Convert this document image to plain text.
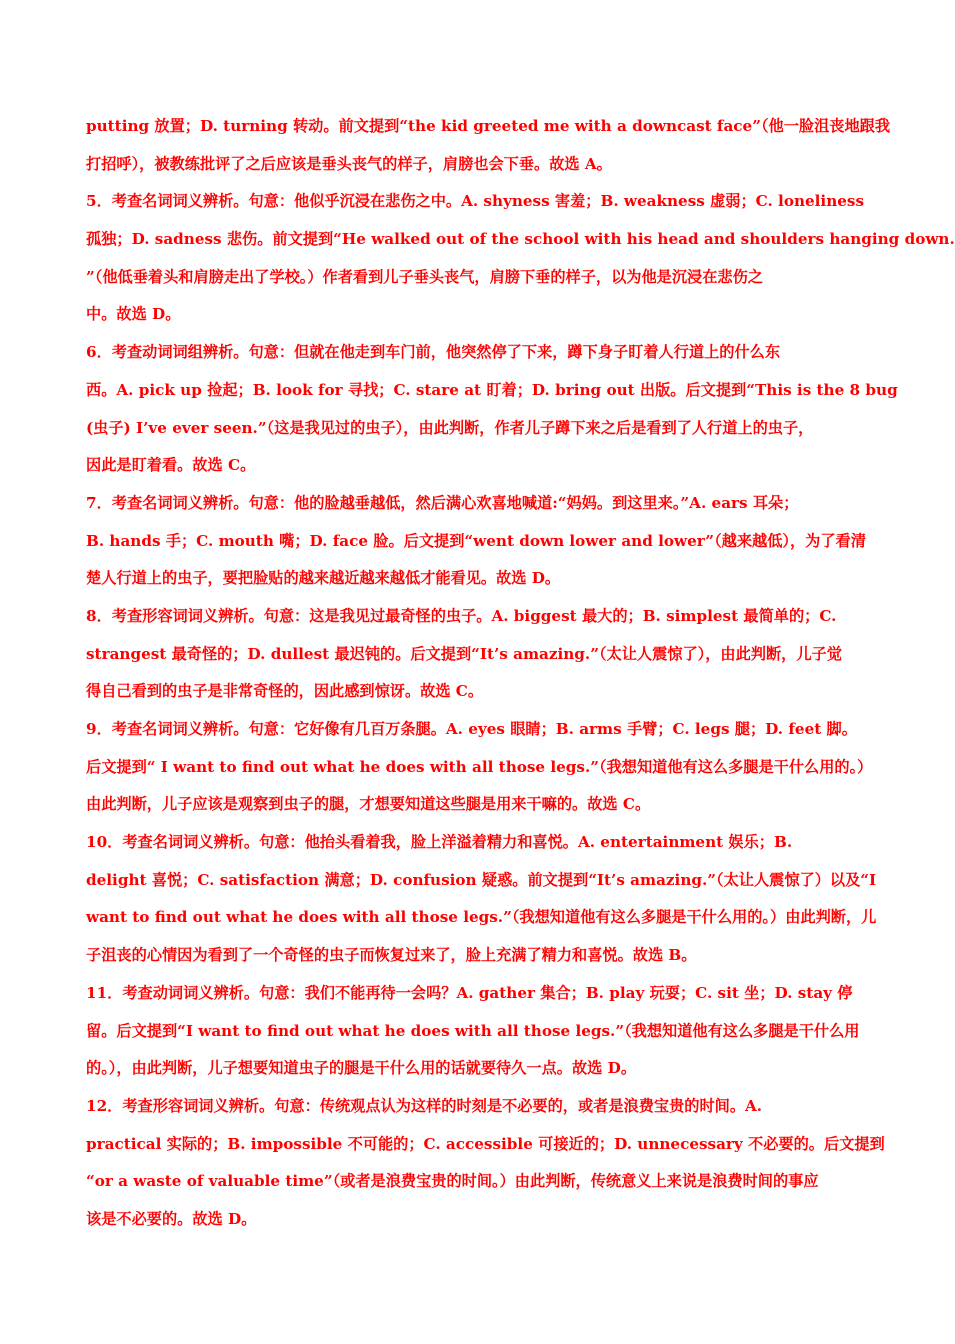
putting 放置；D. turning 转动。前文提到“the kid greeted me with a downcast face”（他一脸沮丧地跟我
打招呼），被教练批评了之后应该是垂头丧气的样子，肩膀也会下垂。故选 A。
5．考查名词词义辨析。句意：他似乎沉浸在悲伤之中。A. shyness 害羞；B. weakness 虚弱；C. loneliness
孤独；D. sadness 悲伤。前文提到“He walked out of the school with his head and shoulders hanging down.
”（他低垂着头和肩膀走出了学校。）作者看到儿子垂头丧气，肩膀下垂的样子，以为他是沉浸在悲伤之
中。故选 D。
6．考查动词词组辨析。句意：但就在他走到车门前，他突然停了下来，蹲下身子盯着人行道上的什么东
西。A. pick up 捡起；B. look for 寻找；C. stare at 盯着；D. bring out 出版。后文提到“This is the 8 bug
(虫子) I’ve ever seen.”（这是我见过的虫子），由此判断，作者儿子蹲下来之后是看到了人行道上的虫子，
因此是盯着看。故选 C。
7．考查名词词义辨析。句意：他的脸越垂越低，然后满心欢喜地喊道:“妈妈。到这里来。”A. ears 耳朵；
B. hands 手；C. mouth 嘴；D. face 脸。后文提到“went down lower and lower”（越来越低），为了看清
楚人行道上的虫子，要把脸贴的越来越近越来越低才能看见。故选 D。
8．考查形容词词义辨析。句意：这是我见过最奇怪的虫子。A. biggest 最大的；B. simplest 最简单的；C.
strangest 最奇怪的；D. dullest 最迟钝的。后文提到“It’s amazing.”（太让人震惊了），由此判断，儿子觉
得自己看到的虫子是非常奇怪的，因此感到惊讶。故选 C。
9．考查名词词义辨析。句意：它好像有几百万条腿。A. eyes 眼睛；B. arms 手臂；C. legs 腿；D. feet 脚。
后文提到“ I want to find out what he does with all those legs.”（我想知道他有这么多腿是干什么用的。）
由此判断，儿子应该是观察到虫子的腿，才想要知道这些腿是用来干嘛的。故选 C。
10．考查名词词义辨析。句意：他抬头看着我，脸上洋溢着精力和喜悦。A. entertainment 娱乐；B.
delight 喜悦；C. satisfaction 满意；D. confusion 疑惑。前文提到“It’s amazing.”（太让人震惊了）以及“I
want to find out what he does with all those legs.”（我想知道他有这么多腿是干什么用的。）由此判断，儿
子沮丧的心情因为看到了一个奇怪的虫子而恢复过来了，脸上充满了精力和喜悦。故选 B。
11．考查动词词义辨析。句意：我们不能再待一会吗？A. gather 集合；B. play 玩耍；C. sit 坐；D. stay 停
留。后文提到“I want to find out what he does with all those legs.”（我想知道他有这么多腿是干什么用
的。），由此判断，儿子想要知道虫子的腿是干什么用的话就要待久一点。故选 D。
12．考查形容词词义辨析。句意：传统观点认为这样的时刻是不必要的，或者是浪费宝贵的时间。A.
practical 实际的；B. impossible 不可能的；C. accessible 可接近的；D. unnecessary 不必要的。后文提到
“or a waste of valuable time”（或者是浪费宝贵的时间。）由此判断，传统意义上来说是浪费时间的事应
该是不必要的。故选 D。
